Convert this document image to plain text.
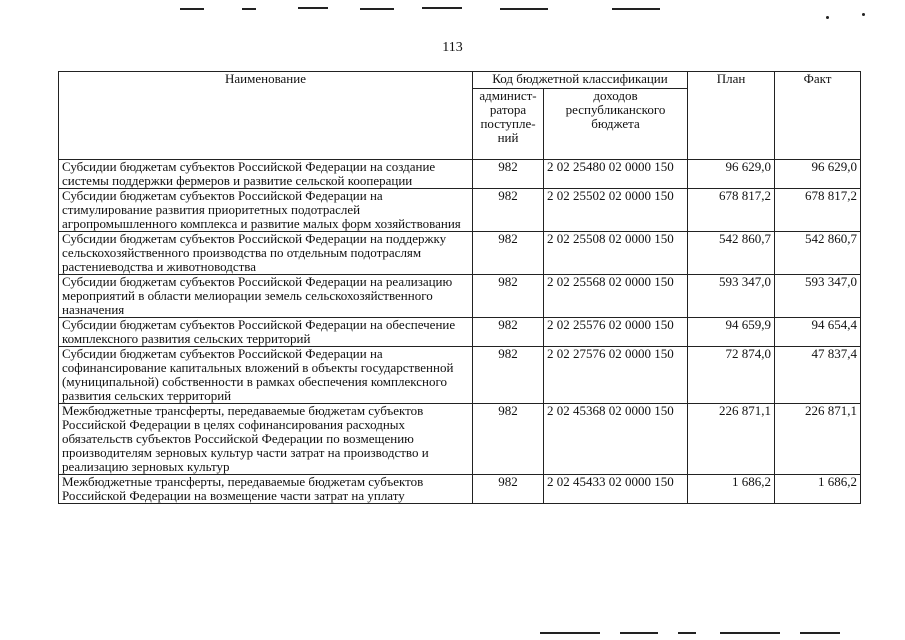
113
Наименование	Код бюджетной классификации		План	Факт
	админист-ратора поступле-ний	доходов республиканского бюджета		
Субсидии бюджетам субъектов Российской Федерации на создание системы поддержки фермеров и развитие сельской кооперации	982	2 02 25480 02 0000 150	96 629,0	96 629,0
Субсидии бюджетам субъектов Российской Федерации на стимулирование развития приоритетных подотраслей агропромышленного комплекса и развитие малых форм хозяйствования	982	2 02 25502 02 0000 150	678 817,2	678 817,2
Субсидии бюджетам субъектов Российской Федерации на поддержку сельскохозяйственного производства по отдельным подотраслям растениеводства и животноводства	982	2 02 25508 02 0000 150	542 860,7	542 860,7
Субсидии бюджетам субъектов Российской Федерации на реализацию мероприятий в области мелиорации земель сельскохозяйственного назначения	982	2 02 25568 02 0000 150	593 347,0	593 347,0
Субсидии бюджетам субъектов Российской Федерации на обеспечение комплексного развития сельских территорий	982	2 02 25576 02 0000 150	94 659,9	94 654,4
Субсидии бюджетам субъектов Российской Федерации на софинансирование капитальных вложений в объекты государственной (муниципальной) собственности в рамках обеспечения комплексного развития сельских территорий	982	2 02 27576 02 0000 150	72 874,0	47 837,4
Межбюджетные трансферты, передаваемые бюджетам субъектов Российской Федерации в целях софинансирования расходных обязательств субъектов Российской Федерации по возмещению производителям зерновых культур части затрат на производство и реализацию зерновых культур	982	2 02 45368 02 0000 150	226 871,1	226 871,1
Межбюджетные трансферты, передаваемые бюджетам субъектов Российской Федерации на возмещение части затрат на уплату	982	2 02 45433 02 0000 150	1 686,2	1 686,2
